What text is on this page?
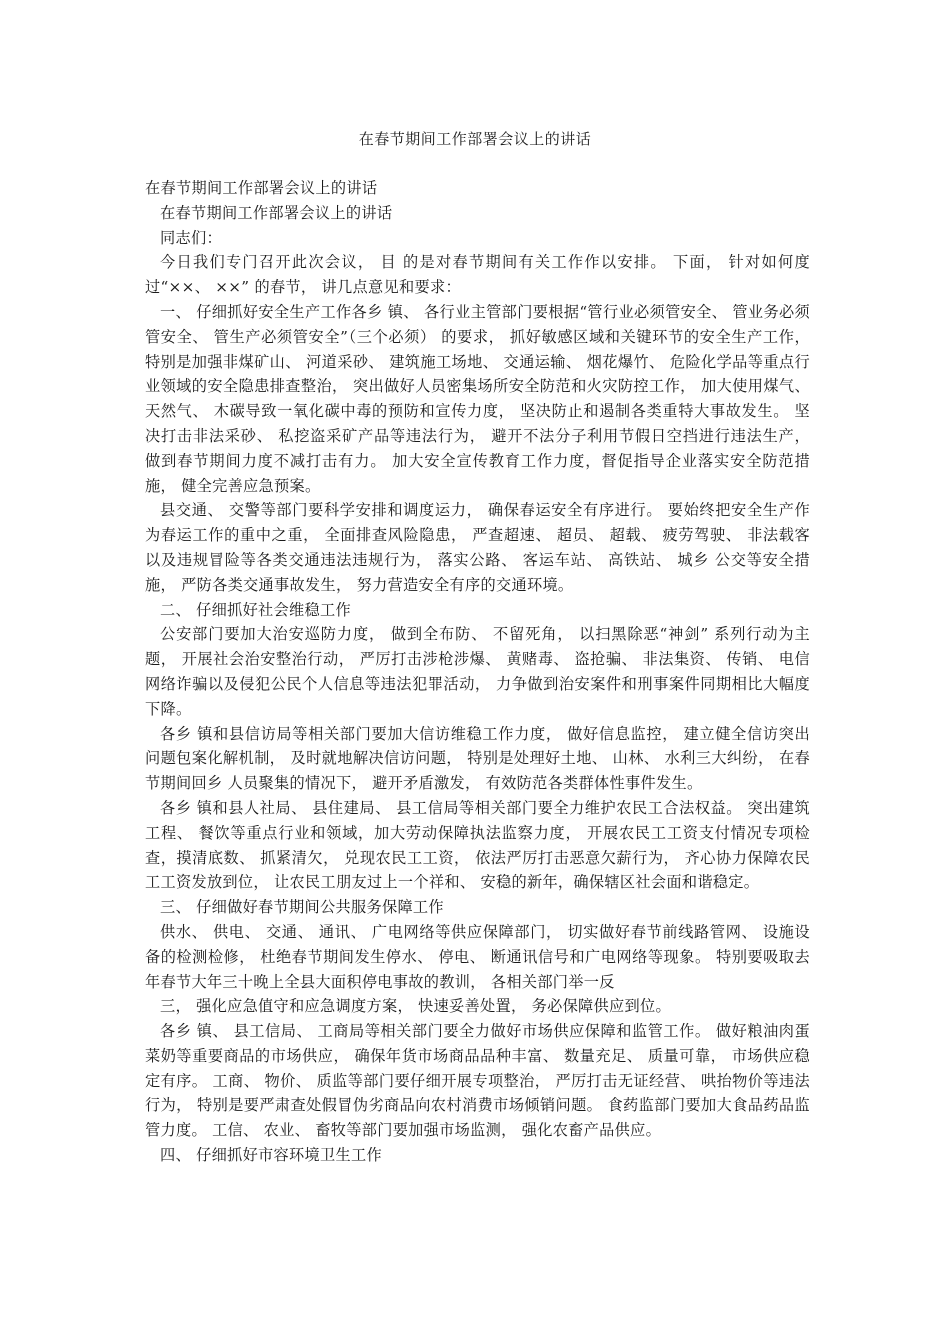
在春节期间工作部署会议上的讲话

在春节期间工作部署会议上的讲话

在春节期间工作部署会议上的讲话

同志们：

今日我们专门召开此次会议， 目 的是对春节期间有关工作作以安排。 下面， 针对如何度过“××、 ××” 的春节， 讲几点意见和要求：

一、 仔细抓好安全生产工作各乡 镇、 各行业主管部门要根据“管行业必须管安全、 管业务必须管安全、 管生产必须管安全”（三个必须） 的要求， 抓好敏感区域和关键环节的安全生产工作， 特别是加强非煤矿山、 河道采砂、 建筑施工场地、 交通运输、 烟花爆竹、 危险化学品等重点行业领域的安全隐患排查整治， 突出做好人员密集场所安全防范和火灾防控工作， 加大使用煤气、 天然气、 木碳导致一氧化碳中毒的预防和宣传力度， 坚决防止和遏制各类重特大事故发生。 坚决打击非法采砂、 私挖盗采矿产品等违法行为， 避开不法分子利用节假日空挡进行违法生产， 做到春节期间力度不减打击有力。 加大安全宣传教育工作力度，督促指导企业落实安全防范措施， 健全完善应急预案。

县交通、 交警等部门要科学安排和调度运力， 确保春运安全有序进行。 要始终把安全生产作为春运工作的重中之重， 全面排查风险隐患， 严查超速、 超员、 超载、 疲劳驾驶、 非法载客以及违规冒险等各类交通违法违规行为， 落实公路、 客运车站、 高铁站、 城乡 公交等安全措施， 严防各类交通事故发生， 努力营造安全有序的交通环境。

二、 仔细抓好社会维稳工作

公安部门要加大治安巡防力度， 做到全布防、 不留死角， 以扫黑除恶“神剑” 系列行动为主题， 开展社会治安整治行动， 严厉打击涉枪涉爆、 黄赌毒、 盗抢骗、 非法集资、 传销、 电信网络诈骗以及侵犯公民个人信息等违法犯罪活动， 力争做到治安案件和刑事案件同期相比大幅度下降。

各乡 镇和县信访局等相关部门要加大信访维稳工作力度， 做好信息监控， 建立健全信访突出问题包案化解机制， 及时就地解决信访问题， 特别是处理好土地、 山林、 水利三大纠纷， 在春节期间回乡 人员聚集的情况下， 避开矛盾激发， 有效防范各类群体性事件发生。

各乡 镇和县人社局、 县住建局、 县工信局等相关部门要全力维护农民工合法权益。 突出建筑工程、 餐饮等重点行业和领域，加大劳动保障执法监察力度， 开展农民工工资支付情况专项检查，摸清底数、 抓紧清欠， 兑现农民工工资， 依法严厉打击恶意欠薪行为， 齐心协力保障农民工工资发放到位， 让农民工朋友过上一个祥和、 安稳的新年，确保辖区社会面和谐稳定。

三、 仔细做好春节期间公共服务保障工作

供水、 供电、 交通、 通讯、 广电网络等供应保障部门， 切实做好春节前线路管网、 设施设备的检测检修， 杜绝春节期间发生停水、 停电、 断通讯信号和广电网络等现象。 特别要吸取去年春节大年三十晚上全县大面积停电事故的教训， 各相关部门举一反

三， 强化应急值守和应急调度方案， 快速妥善处置， 务必保障供应到位。

各乡 镇、 县工信局、 工商局等相关部门要全力做好市场供应保障和监管工作。 做好粮油肉蛋菜奶等重要商品的市场供应， 确保年货市场商品品种丰富、 数量充足、 质量可靠， 市场供应稳定有序。 工商、 物价、 质监等部门要仔细开展专项整治， 严厉打击无证经营、 哄抬物价等违法行为， 特别是要严肃查处假冒伪劣商品向农村消费市场倾销问题。 食药监部门要加大食品药品监管力度。 工信、 农业、 畜牧等部门要加强市场监测， 强化农畜产品供应。

四、 仔细抓好市容环境卫生工作
